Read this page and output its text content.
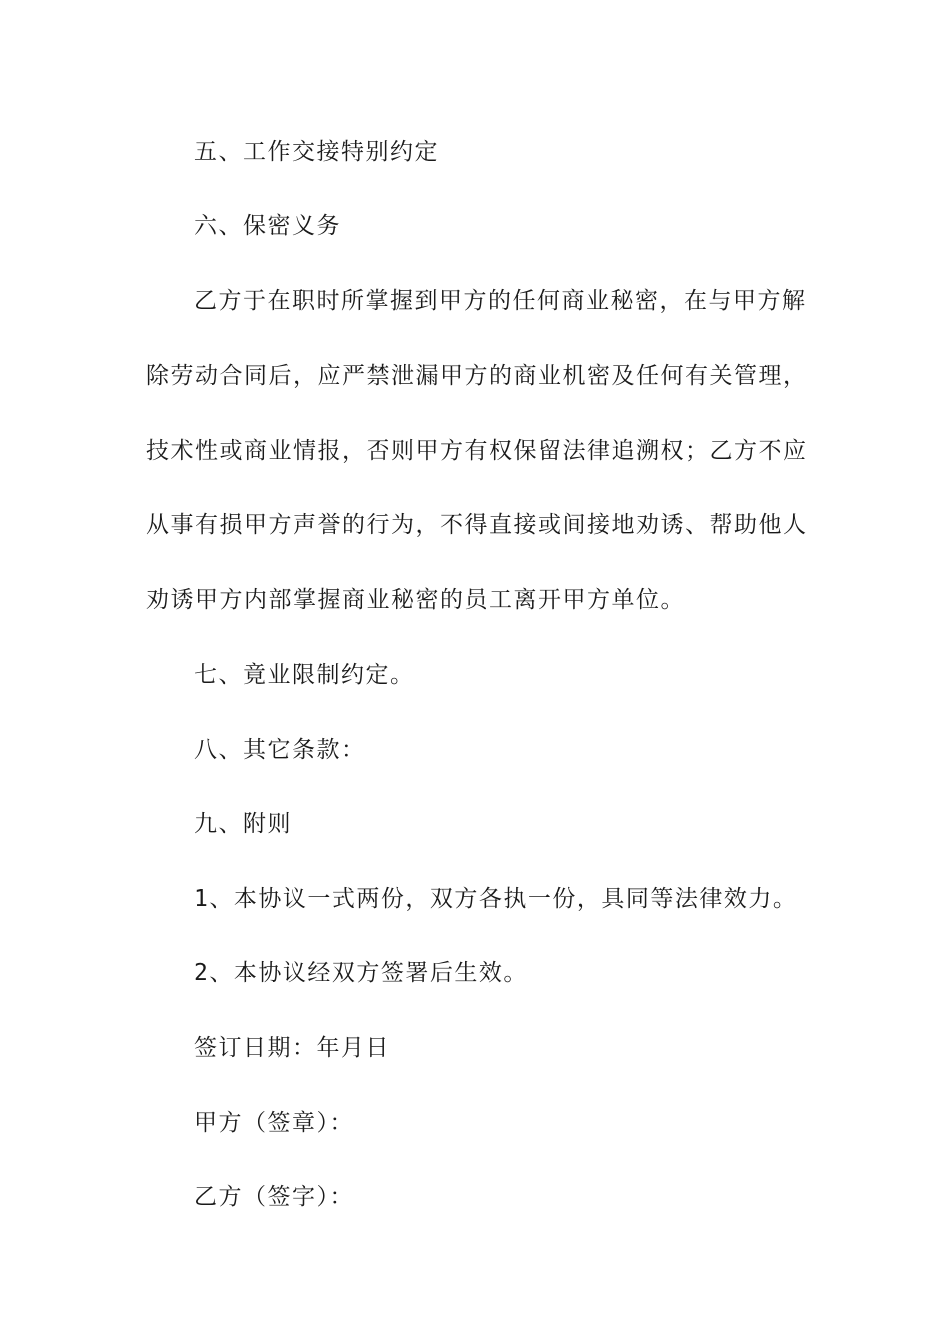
五、工作交接特别约定
六、保密义务
乙方于在职时所掌握到甲方的任何商业秘密，在与甲方解
除劳动合同后，应严禁泄漏甲方的商业机密及任何有关管理，
技术性或商业情报，否则甲方有权保留法律追溯权；乙方不应
从事有损甲方声誉的行为，不得直接或间接地劝诱、帮助他人
劝诱甲方内部掌握商业秘密的员工离开甲方单位。
七、竟业限制约定。
八、其它条款：
九、附则
1、本协议一式两份，双方各执一份，具同等法律效力。
2、本协议经双方签署后生效。
签订日期：年月日
甲方（签章）：
乙方（签字）：
